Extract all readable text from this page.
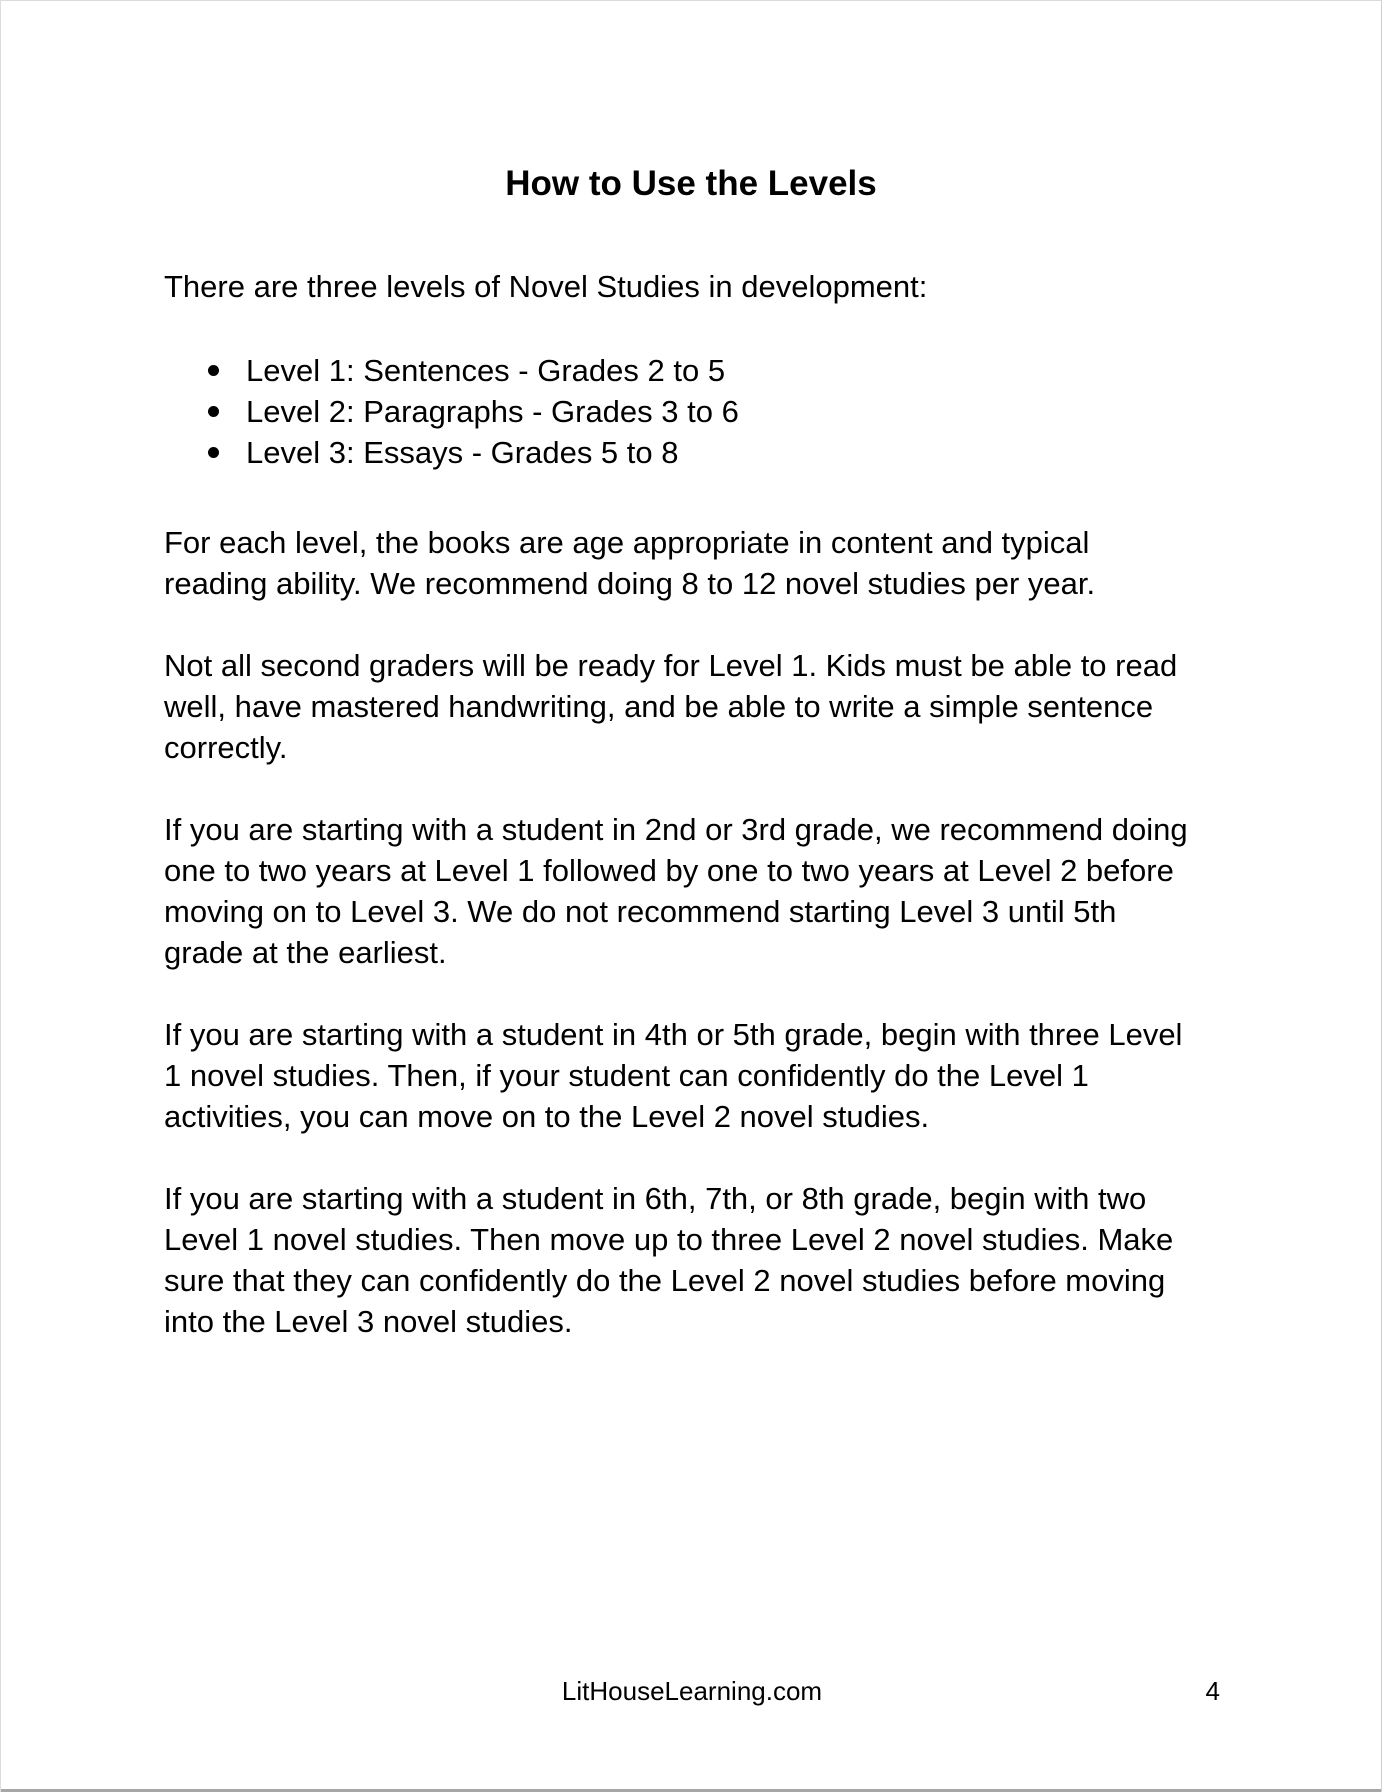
How to Use the Levels

There are three levels of Novel Studies in development:

Level 1: Sentences - Grades 2 to 5
Level 2: Paragraphs - Grades 3 to 6
Level 3: Essays - Grades 5 to 8
For each level, the books are age appropriate in content and typical
reading ability. We recommend doing 8 to 12 novel studies per year.
Not all second graders will be ready for Level 1. Kids must be able to read
well, have mastered handwriting, and be able to write a simple sentence
correctly.
If you are starting with a student in 2nd or 3rd grade, we recommend doing
one to two years at Level 1 followed by one to two years at Level 2 before
moving on to Level 3. We do not recommend starting Level 3 until 5th
grade at the earliest.
If you are starting with a student in 4th or 5th grade, begin with three Level
1 novel studies. Then, if your student can confidently do the Level 1
activities, you can move on to the Level 2 novel studies.
If you are starting with a student in 6th, 7th, or 8th grade, begin with two
Level 1 novel studies. Then move up to three Level 2 novel studies. Make
sure that they can confidently do the Level 2 novel studies before moving
into the Level 3 novel studies.
LitHouseLearning.com	4
